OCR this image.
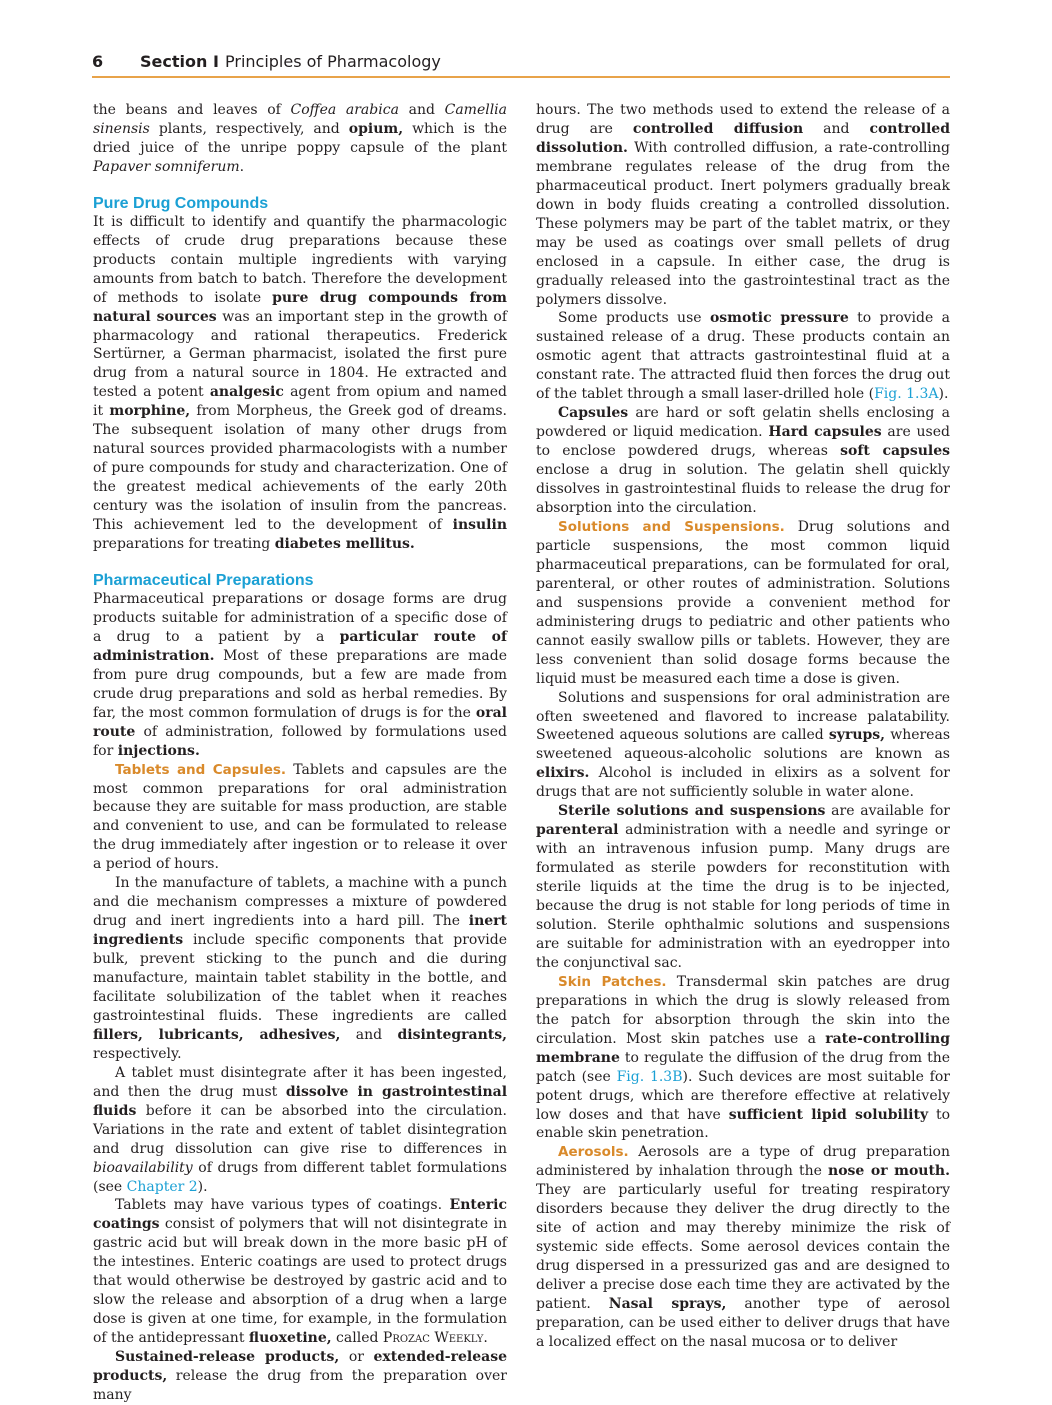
6 Section I Principles of Pharmacology

the beans and leaves of Coffea arabica and Camellia sinensis plants, respectively, and opium, which is the dried juice of the unripe poppy capsule of the plant Papaver somniferum.

Pure Drug Compounds

It is difficult to identify and quantify the pharmacologic effects of crude drug preparations because these products contain multiple ingredients with varying amounts from batch to batch. Therefore the development of methods to isolate pure drug compounds from natural sources was an important step in the growth of pharmacology and rational therapeutics. Frederick Sertürner, a German pharmacist, isolated the first pure drug from a natural source in 1804. He extracted and tested a potent analgesic agent from opium and named it morphine, from Morpheus, the Greek god of dreams. The subsequent isolation of many other drugs from natural sources provided pharmacologists with a number of pure compounds for study and characterization. One of the greatest medical achievements of the early 20th century was the isolation of insulin from the pancreas. This achievement led to the development of insulin preparations for treating diabetes mellitus.

Pharmaceutical Preparations

Pharmaceutical preparations or dosage forms are drug products suitable for administration of a specific dose of a drug to a patient by a particular route of administration. Most of these preparations are made from pure drug compounds, but a few are made from crude drug preparations and sold as herbal remedies. By far, the most common formulation of drugs is for the oral route of administration, followed by formulations used for injections.

Tablets and Capsules. Tablets and capsules are the most common preparations for oral administration because they are suitable for mass production, are stable and convenient to use, and can be formulated to release the drug immediately after ingestion or to release it over a period of hours.

In the manufacture of tablets, a machine with a punch and die mechanism compresses a mixture of powdered drug and inert ingredients into a hard pill. The inert ingredients include specific components that provide bulk, prevent sticking to the punch and die during manufacture, maintain tablet stability in the bottle, and facilitate solubilization of the tablet when it reaches gastrointestinal fluids. These ingredients are called fillers, lubricants, adhesives, and disintegrants, respectively.

A tablet must disintegrate after it has been ingested, and then the drug must dissolve in gastrointestinal fluids before it can be absorbed into the circulation. Variations in the rate and extent of tablet disintegration and drug dissolution can give rise to differences in bioavailability of drugs from different tablet formulations (see Chapter 2).

Tablets may have various types of coatings. Enteric coatings consist of polymers that will not disintegrate in gastric acid but will break down in the more basic pH of the intestines. Enteric coatings are used to protect drugs that would otherwise be destroyed by gastric acid and to slow the release and absorption of a drug when a large dose is given at one time, for example, in the formulation of the antidepressant fluoxetine, called Prozac Weekly.

Sustained-release products, or extended-release products, release the drug from the preparation over many

hours. The two methods used to extend the release of a drug are controlled diffusion and controlled dissolution. With controlled diffusion, a rate-controlling membrane regulates release of the drug from the pharmaceutical product. Inert polymers gradually break down in body fluids creating a controlled dissolution. These polymers may be part of the tablet matrix, or they may be used as coatings over small pellets of drug enclosed in a capsule. In either case, the drug is gradually released into the gastrointestinal tract as the polymers dissolve.

Some products use osmotic pressure to provide a sustained release of a drug. These products contain an osmotic agent that attracts gastrointestinal fluid at a constant rate. The attracted fluid then forces the drug out of the tablet through a small laser-drilled hole (Fig. 1.3A).

Capsules are hard or soft gelatin shells enclosing a powdered or liquid medication. Hard capsules are used to enclose powdered drugs, whereas soft capsules enclose a drug in solution. The gelatin shell quickly dissolves in gastrointestinal fluids to release the drug for absorption into the circulation.

Solutions and Suspensions. Drug solutions and particle suspensions, the most common liquid pharmaceutical preparations, can be formulated for oral, parenteral, or other routes of administration. Solutions and suspensions provide a convenient method for administering drugs to pediatric and other patients who cannot easily swallow pills or tablets. However, they are less convenient than solid dosage forms because the liquid must be measured each time a dose is given.

Solutions and suspensions for oral administration are often sweetened and flavored to increase palatability. Sweetened aqueous solutions are called syrups, whereas sweetened aqueous-alcoholic solutions are known as elixirs. Alcohol is included in elixirs as a solvent for drugs that are not sufficiently soluble in water alone.

Sterile solutions and suspensions are available for parenteral administration with a needle and syringe or with an intravenous infusion pump. Many drugs are formulated as sterile powders for reconstitution with sterile liquids at the time the drug is to be injected, because the drug is not stable for long periods of time in solution. Sterile ophthalmic solutions and suspensions are suitable for administration with an eyedropper into the conjunctival sac.

Skin Patches. Transdermal skin patches are drug preparations in which the drug is slowly released from the patch for absorption through the skin into the circulation. Most skin patches use a rate-controlling membrane to regulate the diffusion of the drug from the patch (see Fig. 1.3B). Such devices are most suitable for potent drugs, which are therefore effective at relatively low doses and that have sufficient lipid solubility to enable skin penetration.

Aerosols. Aerosols are a type of drug preparation administered by inhalation through the nose or mouth. They are particularly useful for treating respiratory disorders because they deliver the drug directly to the site of action and may thereby minimize the risk of systemic side effects. Some aerosol devices contain the drug dispersed in a pressurized gas and are designed to deliver a precise dose each time they are activated by the patient. Nasal sprays, another type of aerosol preparation, can be used either to deliver drugs that have a localized effect on the nasal mucosa or to deliver
